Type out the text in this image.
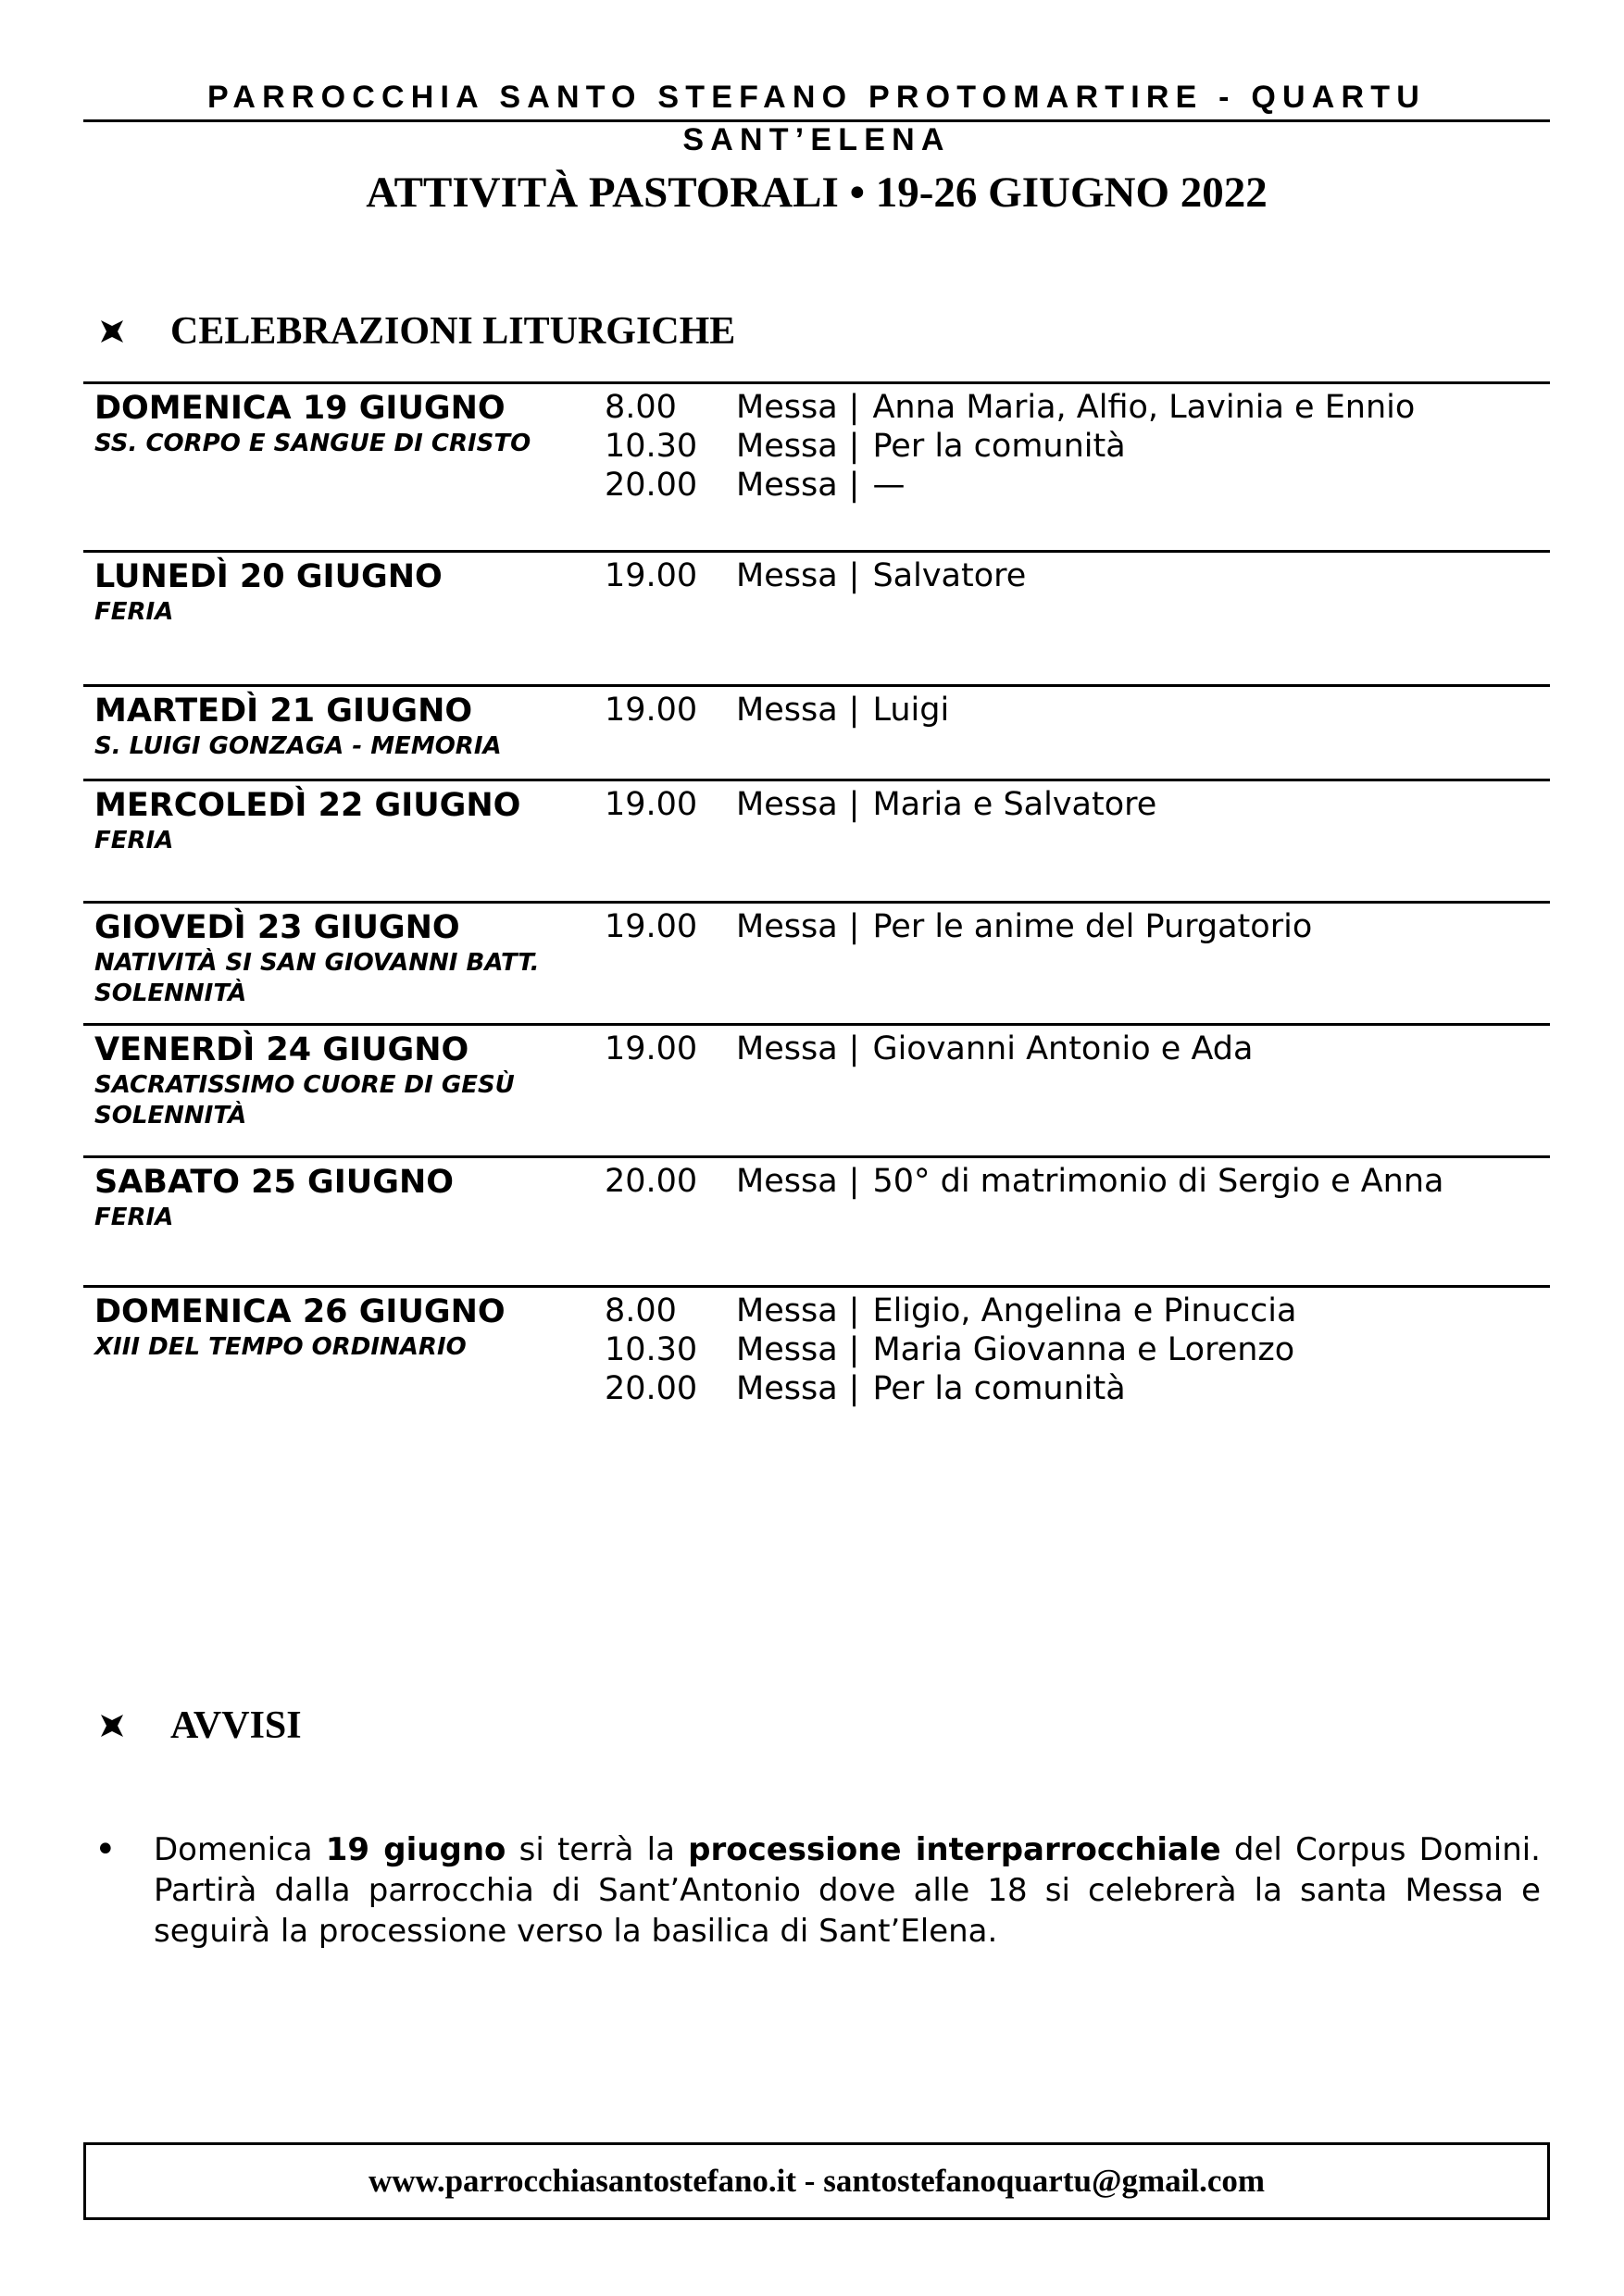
PARROCCHIA SANTO STEFANO PROTOMARTIRE - QUARTU SANT’ELENA
ATTIVITÀ PASTORALI • 19-26 GIUGNO 2022
CELEBRAZIONI LITURGICHE
DOMENICA 19 GIUGNO
SS. CORPO E SANGUE DI CRISTO
8.00	Messa | Anna Maria, Alfio, Lavinia e Ennio
10.30	Messa | Per la comunità
20.00	Messa | —
LUNEDÌ 20 GIUGNO
FERIA
19.00	Messa | Salvatore
MARTEDÌ 21 GIUGNO
S. LUIGI GONZAGA - MEMORIA
19.00	Messa | Luigi
MERCOLEDÌ 22 GIUGNO
FERIA
19.00	Messa | Maria e Salvatore
GIOVEDÌ 23 GIUGNO
NATIVITÀ SI SAN GIOVANNI BATT.
SOLENNITÀ
19.00	Messa | Per le anime del Purgatorio
VENERDÌ 24 GIUGNO
SACRATISSIMO CUORE DI GESÙ
SOLENNITÀ
19.00	Messa | Giovanni Antonio e Ada
SABATO 25 GIUGNO
FERIA
20.00	Messa | 50° di matrimonio di Sergio e Anna
DOMENICA 26 GIUGNO
XIII DEL TEMPO ORDINARIO
8.00	Messa | Eligio, Angelina e Pinuccia
10.30	Messa | Maria Giovanna e Lorenzo
20.00	Messa | Per la comunità
AVVISI
•	Domenica 19 giugno si terrà la processione interparrocchiale del Corpus Domini. Partirà dalla parrocchia di Sant’Antonio dove alle 18 si celebrerà la santa Messa e seguirà la processione verso la basilica di Sant’Elena.
www.parrocchiasantostefano.it - santostefanoquartu@gmail.com
